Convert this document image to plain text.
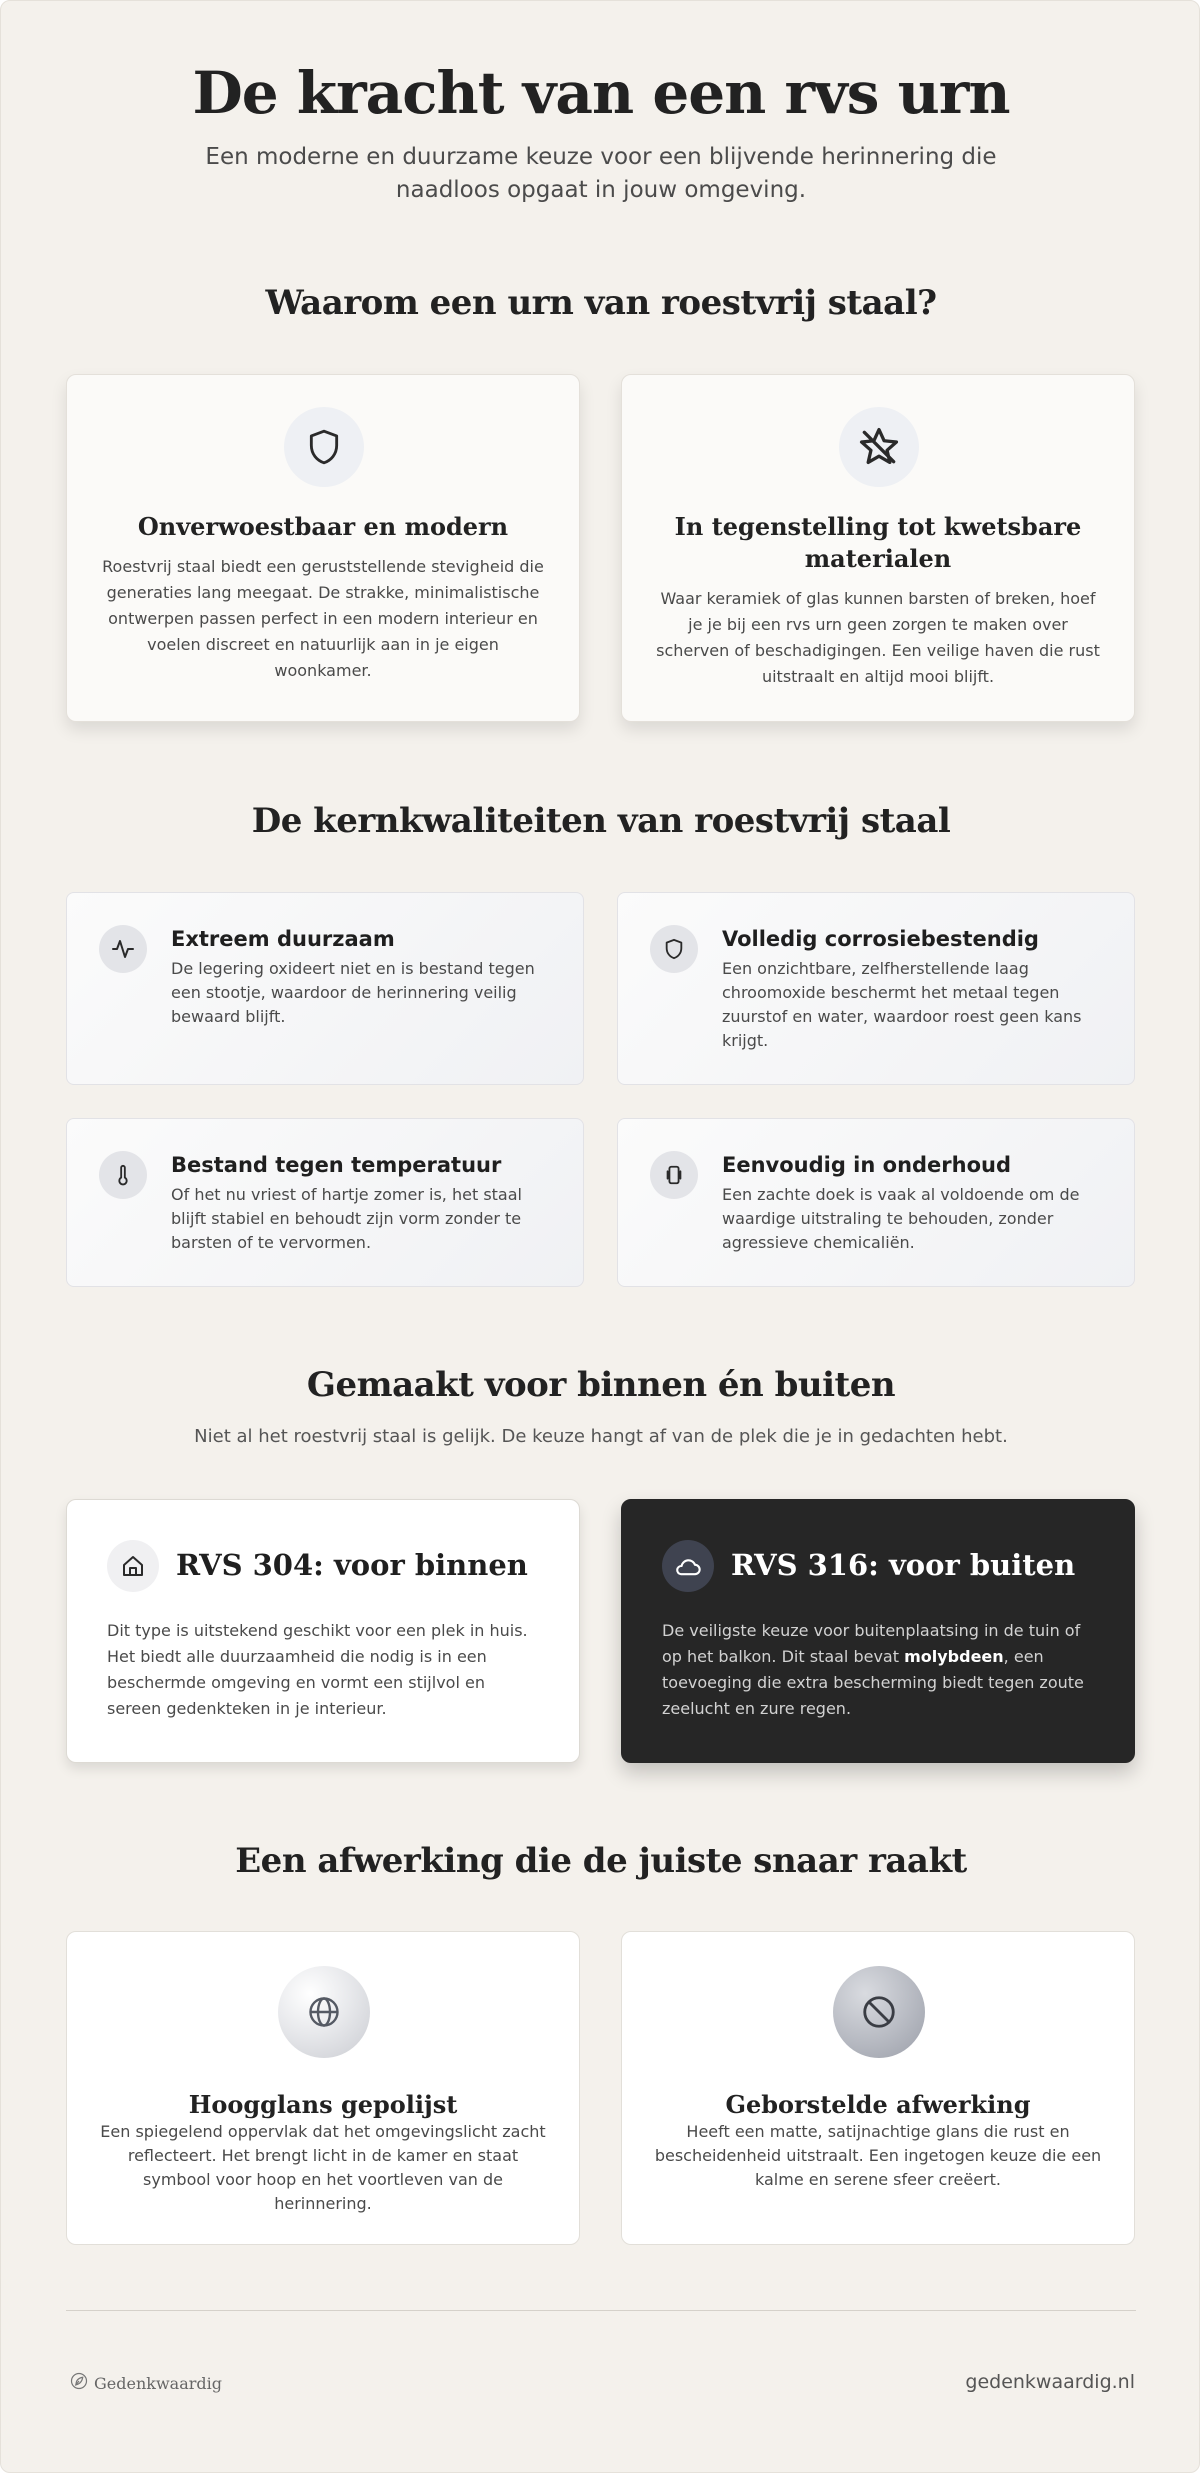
De kracht van een rvs urn

Een moderne en duurzame keuze voor een blijvende herinnering die naadloos opgaat in jouw omgeving.

Waarom een urn van roestvrij staal?
Onverwoestbaar en modern

Roestvrij staal biedt een geruststellende stevigheid die generaties lang meegaat. De strakke, minimalistische ontwerpen passen perfect in een modern interieur en voelen discreet en natuurlijk aan in je eigen woonkamer.

In tegenstelling tot kwetsbare materialen

Waar keramiek of glas kunnen barsten of breken, hoef je je bij een rvs urn geen zorgen te maken over scherven of beschadigingen. Een veilige haven die rust uitstraalt en altijd mooi blijft.

De kernkwaliteiten van roestvrij staal
Extreem duurzaam

De legering oxideert niet en is bestand tegen een stootje, waardoor de herinnering veilig bewaard blijft.

Volledig corrosiebestendig

Een onzichtbare, zelfherstellende laag chroomoxide beschermt het metaal tegen zuurstof en water, waardoor roest geen kans krijgt.

Bestand tegen temperatuur

Of het nu vriest of hartje zomer is, het staal blijft stabiel en behoudt zijn vorm zonder te barsten of te vervormen.

Eenvoudig in onderhoud

Een zachte doek is vaak al voldoende om de waardige uitstraling te behouden, zonder agressieve chemicaliën.

Gemaakt voor binnen én buiten

Niet al het roestvrij staal is gelijk. De keuze hangt af van de plek die je in gedachten hebt.

RVS 304: voor binnen

Dit type is uitstekend geschikt voor een plek in huis. Het biedt alle duurzaamheid die nodig is in een beschermde omgeving en vormt een stijlvol en sereen gedenkteken in je interieur.

RVS 316: voor buiten

De veiligste keuze voor buitenplaatsing in de tuin of op het balkon. Dit staal bevat molybdeen, een toevoeging die extra bescherming biedt tegen zoute zeelucht en zure regen.

Een afwerking die de juiste snaar raakt
Hoogglans gepolijst

Een spiegelend oppervlak dat het omgevingslicht zacht reflecteert. Het brengt licht in de kamer en staat symbool voor hoop en het voortleven van de herinnering.

Geborstelde afwerking

Heeft een matte, satijnachtige glans die rust en bescheidenheid uitstraalt. Een ingetogen keuze die een kalme en serene sfeer creëert.

Gedenkwaardig	gedenkwaardig.nl
